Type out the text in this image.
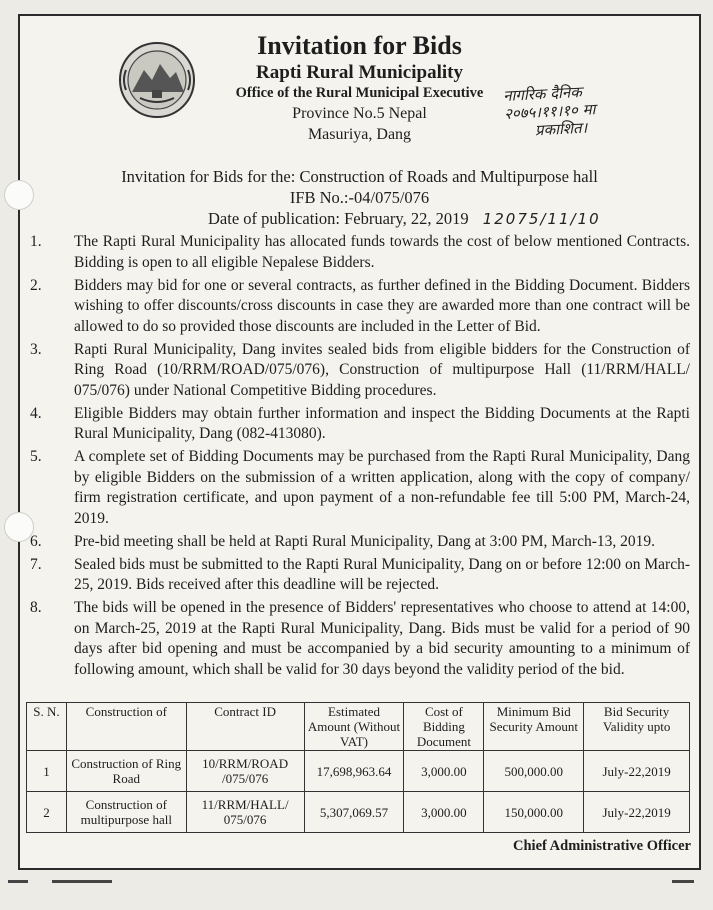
Invitation for Bids
Rapti Rural Municipality
Office of the Rural Municipal Executive
Province No.5 Nepal
Masuriya, Dang
नागरिक दैनिक
२०७५।११।१० मा
प्रकाशित।
Invitation for Bids for the: Construction of Roads and Multipurpose hall
IFB No.:-04/075/076
Date of publication: February, 22, 2019 12075/11/10
1.	The Rapti Rural Municipality has allocated funds towards the cost of below mentioned Contracts. Bidding is open to all eligible Nepalese Bidders.
2.	Bidders may bid for one or several contracts, as further defined in the Bidding Document. Bidders wishing to offer discounts/cross discounts in case they are awarded more than one contract will be allowed to do so provided those discounts are included in the Letter of Bid.
3.	Rapti Rural Municipality, Dang invites sealed bids from eligible bidders for the Construction of Ring Road (10/RRM/ROAD/075/076), Construction of multipurpose Hall (11/RRM/HALL/ 075/076) under National Competitive Bidding procedures.
4.	Eligible Bidders may obtain further information and inspect the Bidding Documents at the Rapti Rural Municipality, Dang (082-413080).
5.	A complete set of Bidding Documents may be purchased from the Rapti Rural Municipality, Dang by eligible Bidders on the submission of a written application, along with the copy of company/ firm registration certificate, and upon payment of a non-refundable fee till 5:00 PM, March-24, 2019.
6.	Pre-bid meeting shall be held at Rapti Rural Municipality, Dang at 3:00 PM, March-13, 2019.
7.	Sealed bids must be submitted to the Rapti Rural Municipality, Dang on or before 12:00 on March-25, 2019. Bids received after this deadline will be rejected.
8.	The bids will be opened in the presence of Bidders' representatives who choose to attend at 14:00, on March-25, 2019 at the Rapti Rural Municipality, Dang. Bids must be valid for a period of 90 days after bid opening and must be accompanied by a bid security amounting to a minimum of following amount, which shall be valid for 30 days beyond the validity period of the bid.
S. N.	Construction of	Contract ID	Estimated Amount (Without VAT)	Cost of Bidding Document	Minimum Bid Security Amount	Bid Security Validity upto
1	Construction of Ring Road	10/RRM/ROAD /075/076	17,698,963.64	3,000.00	500,000.00	July-22,2019
2	Construction of multipurpose hall	11/RRM/HALL/ 075/076	5,307,069.57	3,000.00	150,000.00	July-22,2019
Chief Administrative Officer
